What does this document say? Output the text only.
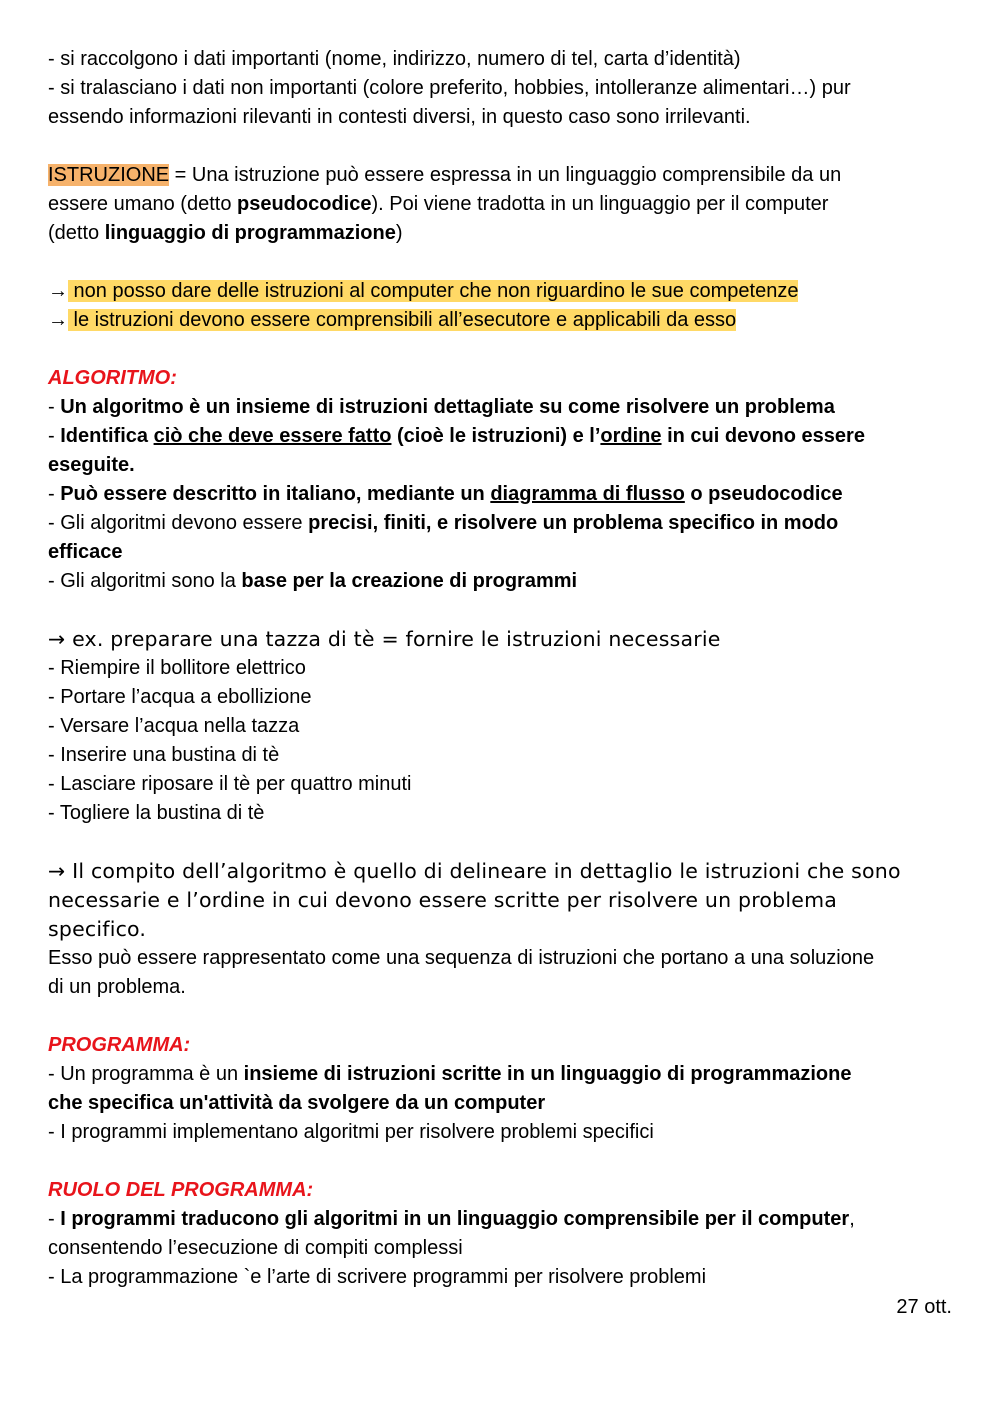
- si raccolgono i dati importanti (nome, indirizzo, numero di tel, carta d’identità)
- si tralasciano i dati non importanti (colore preferito, hobbies, intolleranze alimentari…) pur
essendo informazioni rilevanti in contesti diversi, in questo caso sono irrilevanti.
ISTRUZIONE = Una istruzione può essere espressa in un linguaggio comprensibile da un
essere umano (detto pseudocodice). Poi viene tradotta in un linguaggio per il computer
(detto linguaggio di programmazione)
→ non posso dare delle istruzioni al computer che non riguardino le sue competenze
→ le istruzioni devono essere comprensibili all’esecutore e applicabili da esso
ALGORITMO:
- Un algoritmo è un insieme di istruzioni dettagliate su come risolvere un problema
- Identifica ciò che deve essere fatto (cioè le istruzioni) e l’ordine in cui devono essere
eseguite.
- Può essere descritto in italiano, mediante un diagramma di flusso o pseudocodice
- Gli algoritmi devono essere precisi, finiti, e risolvere un problema specifico in modo
efficace
- Gli algoritmi sono la base per la creazione di programmi
→ ex. preparare una tazza di tè = fornire le istruzioni necessarie
- Riempire il bollitore elettrico
- Portare l’acqua a ebollizione
- Versare l’acqua nella tazza
- Inserire una bustina di tè
- Lasciare riposare il tè per quattro minuti
- Togliere la bustina di tè
→ Il compito dell’algoritmo è quello di delineare in dettaglio le istruzioni che sono
necessarie e l’ordine in cui devono essere scritte per risolvere un problema
specifico.
Esso può essere rappresentato come una sequenza di istruzioni che portano a una soluzione
di un problema.
PROGRAMMA:
- Un programma è un insieme di istruzioni scritte in un linguaggio di programmazione
che specifica un'attività da svolgere da un computer
- I programmi implementano algoritmi per risolvere problemi specifici
RUOLO DEL PROGRAMMA:
- I programmi traducono gli algoritmi in un linguaggio comprensibile per il computer,
consentendo l’esecuzione di compiti complessi
- La programmazione `e l’arte di scrivere programmi per risolvere problemi
27 ott.
